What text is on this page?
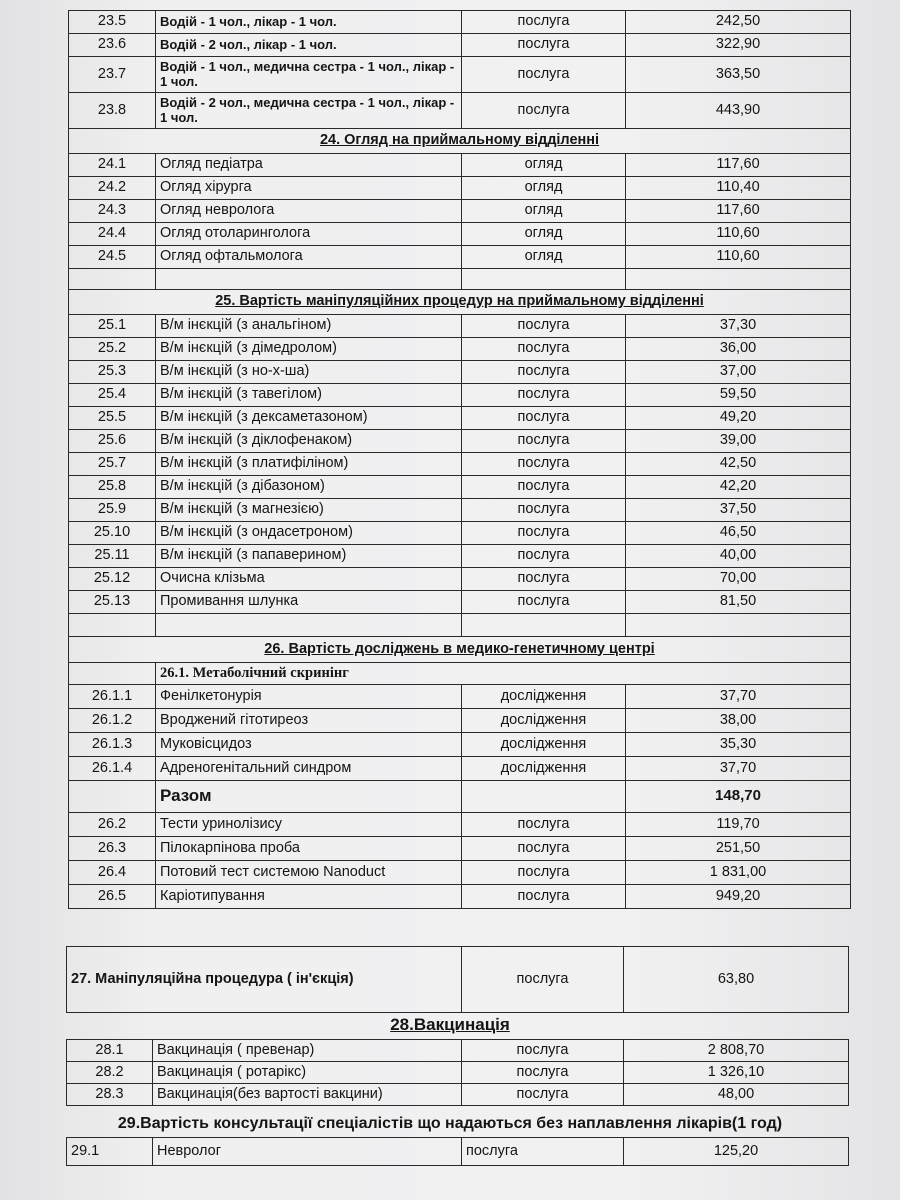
23.5	Водій - 1 чол., лікар - 1 чол.	послуга	242,50
23.6	Водій - 2 чол., лікар - 1 чол.	послуга	322,90
23.7	Водій - 1 чол., медична сестра - 1 чол., лікар - 1 чол.	послуга	363,50
23.8	Водій - 2 чол., медична сестра - 1 чол., лікар - 1 чол.	послуга	443,90
24. Огляд на приймальному відділенні			
24.1	Огляд педіатра	огляд	117,60
24.2	Огляд хірурга	огляд	110,40
24.3	Огляд невролога	огляд	117,60
24.4	Огляд отоларинголога	огляд	110,60
24.5	Огляд офтальмолога	огляд	110,60

25. Вартість маніпуляційних процедур на приймальному відділенні			
25.1	В/м інєкцій (з анальгіном)	послуга	37,30
25.2	В/м інєкцій (з дімедролом)	послуга	36,00
25.3	В/м інєкцій (з но-х-ша)	послуга	37,00
25.4	В/м інєкцій (з тавегілом)	послуга	59,50
25.5	В/м інєкцій (з дексаметазоном)	послуга	49,20
25.6	В/м інєкцій (з діклофенаком)	послуга	39,00
25.7	В/м інєкцій (з платифіліном)	послуга	42,50
25.8	В/м інєкцій (з дібазоном)	послуга	42,20
25.9	В/м інєкцій (з магнезією)	послуга	37,50
25.10	В/м інєкцій (з ондасетроном)	послуга	46,50
25.11	В/м інєкцій (з папаверином)	послуга	40,00
25.12	Очисна клізьма	послуга	70,00
25.13	Промивання шлунка	послуга	81,50

26. Вартість досліджень в медико-генетичному центрі			
	26.1. Метаболічний скринінг		
26.1.1	Фенілкетонурія	дослідження	37,70
26.1.2	Вроджений гітотиреоз	дослідження	38,00
26.1.3	Муковісцидоз	дослідження	35,30
26.1.4	Адреногенітальний синдром	дослідження	37,70
	Разом		148,70
26.2	Тести уринолізису	послуга	119,70
26.3	Пілокарпінова проба	послуга	251,50
26.4	Потовий тест системою Nanoduct	послуга	1 831,00
26.5	Каріотипування	послуга	949,20
27. Маніпуляційна процедура ( ін'єкція)	послуга	63,80
28.Вакцинація
28.1	Вакцинація ( превенар)	послуга	2 808,70
28.2	Вакцинація ( ротарікс)	послуга	1 326,10
28.3	Вакцинація(без вартості вакцини)	послуга	48,00
29.Вартість консультації спеціалістів що надаються без наплавлення лікарів(1 год)
29.1	Невролог	послуга	125,20
